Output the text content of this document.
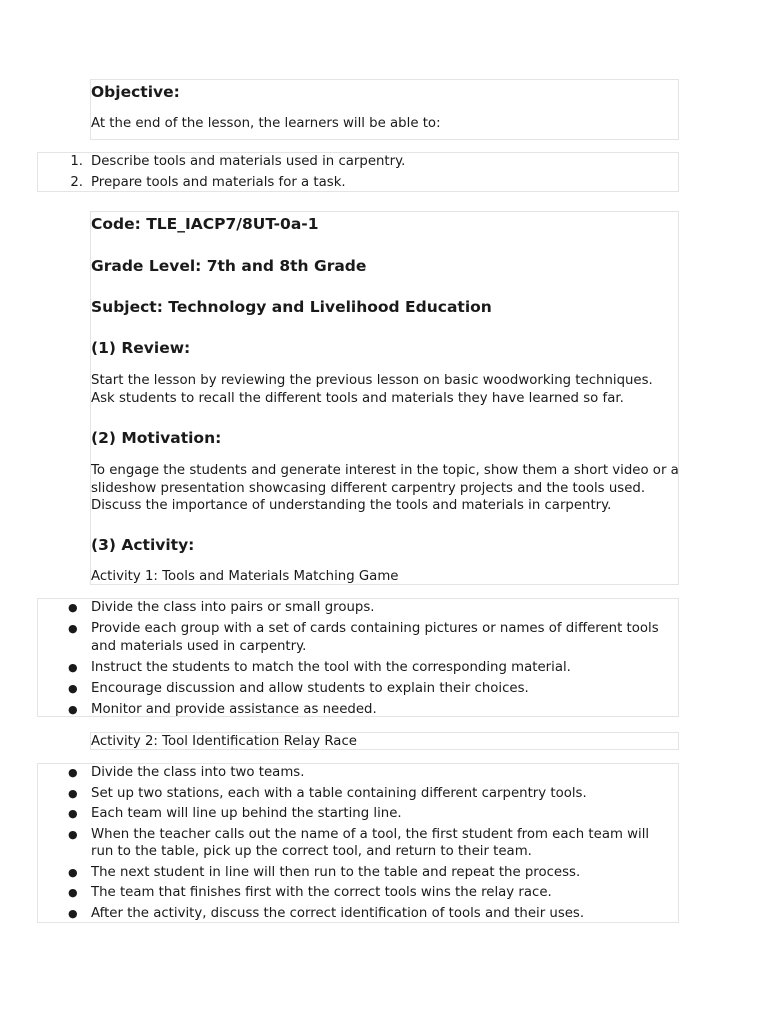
Objective:
At the end of the lesson, the learners will be able to:
1. Describe tools and materials used in carpentry.
2. Prepare tools and materials for a task.
Code: TLE_IACP7/8UT-0a-1
Grade Level: 7th and 8th Grade
Subject: Technology and Livelihood Education
(1) Review:
Start the lesson by reviewing the previous lesson on basic woodworking techniques. Ask students to recall the different tools and materials they have learned so far.
(2) Motivation:
To engage the students and generate interest in the topic, show them a short video or a slideshow presentation showcasing different carpentry projects and the tools used. Discuss the importance of understanding the tools and materials in carpentry.
(3) Activity:
Activity 1: Tools and Materials Matching Game
● Divide the class into pairs or small groups.
● Provide each group with a set of cards containing pictures or names of different tools and materials used in carpentry.
● Instruct the students to match the tool with the corresponding material.
● Encourage discussion and allow students to explain their choices.
● Monitor and provide assistance as needed.
Activity 2: Tool Identification Relay Race
● Divide the class into two teams.
● Set up two stations, each with a table containing different carpentry tools.
● Each team will line up behind the starting line.
● When the teacher calls out the name of a tool, the first student from each team will run to the table, pick up the correct tool, and return to their team.
● The next student in line will then run to the table and repeat the process.
● The team that finishes first with the correct tools wins the relay race.
● After the activity, discuss the correct identification of tools and their uses.
